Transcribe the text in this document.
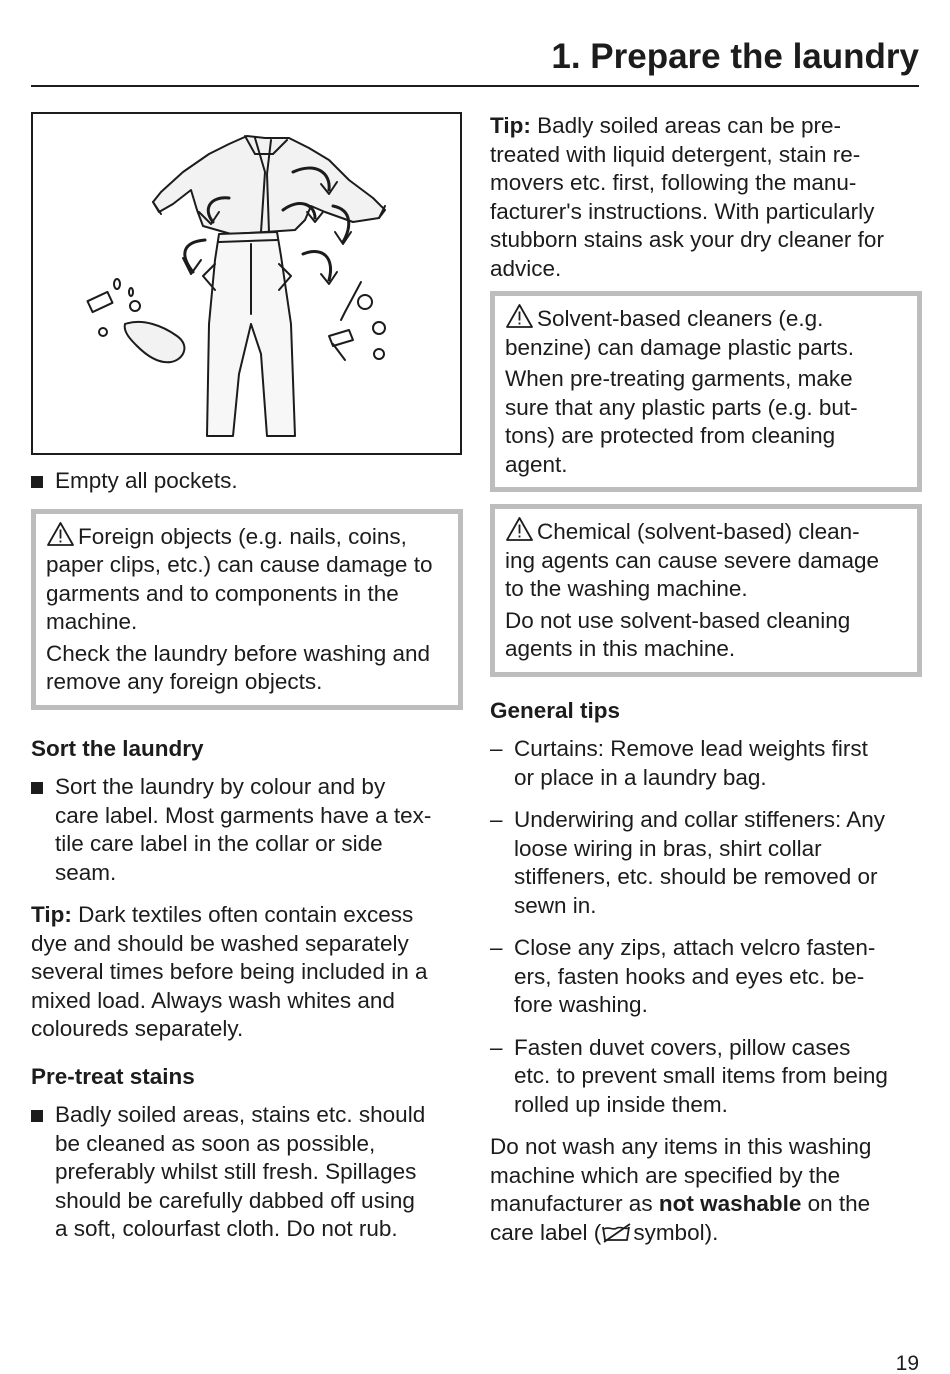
1. Prepare the laundry
Empty all pockets.

Foreign objects (e.g. nails, coins, paper clips, etc.) can cause damage to garments and to components in the machine.

Check the laundry before washing and remove any foreign objects.

Sort the laundry

Sort the laundry by colour and by
care label. Most garments have a tex-
tile care label in the collar or side
seam.

Tip: Dark textiles often contain excess
dye and should be washed separately
several times before being included in a
mixed load. Always wash whites and
coloureds separately.

Pre-treat stains

Badly soiled areas, stains etc. should
be cleaned as soon as possible,
preferably whilst still fresh. Spillages
should be carefully dabbed off using
a soft, colourfast cloth. Do not rub.

Tip: Badly soiled areas can be pre-
treated with liquid detergent, stain re-
movers etc. first, following the manu-
facturer's instructions. With particularly
stubborn stains ask your dry cleaner for
advice.

Solvent-based cleaners (e.g.
benzine) can damage plastic parts.

When pre-treating garments, make
sure that any plastic parts (e.g. but-
tons) are protected from cleaning
agent.

Chemical (solvent-based) clean-
ing agents can cause severe damage
to the washing machine.

Do not use solvent-based cleaning
agents in this machine.

General tips

– Curtains: Remove lead weights first
or place in a laundry bag.
– Underwiring and collar stiffeners: Any
loose wiring in bras, shirt collar
stiffeners, etc. should be removed or
sewn in.
– Close any zips, attach velcro fasten-
ers, fasten hooks and eyes etc. be-
fore washing.
– Fasten duvet covers, pillow cases
etc. to prevent small items from being
rolled up inside them.

Do not wash any items in this washing
machine which are specified by the
manufacturer as not washable on the
care label ( symbol).

19
